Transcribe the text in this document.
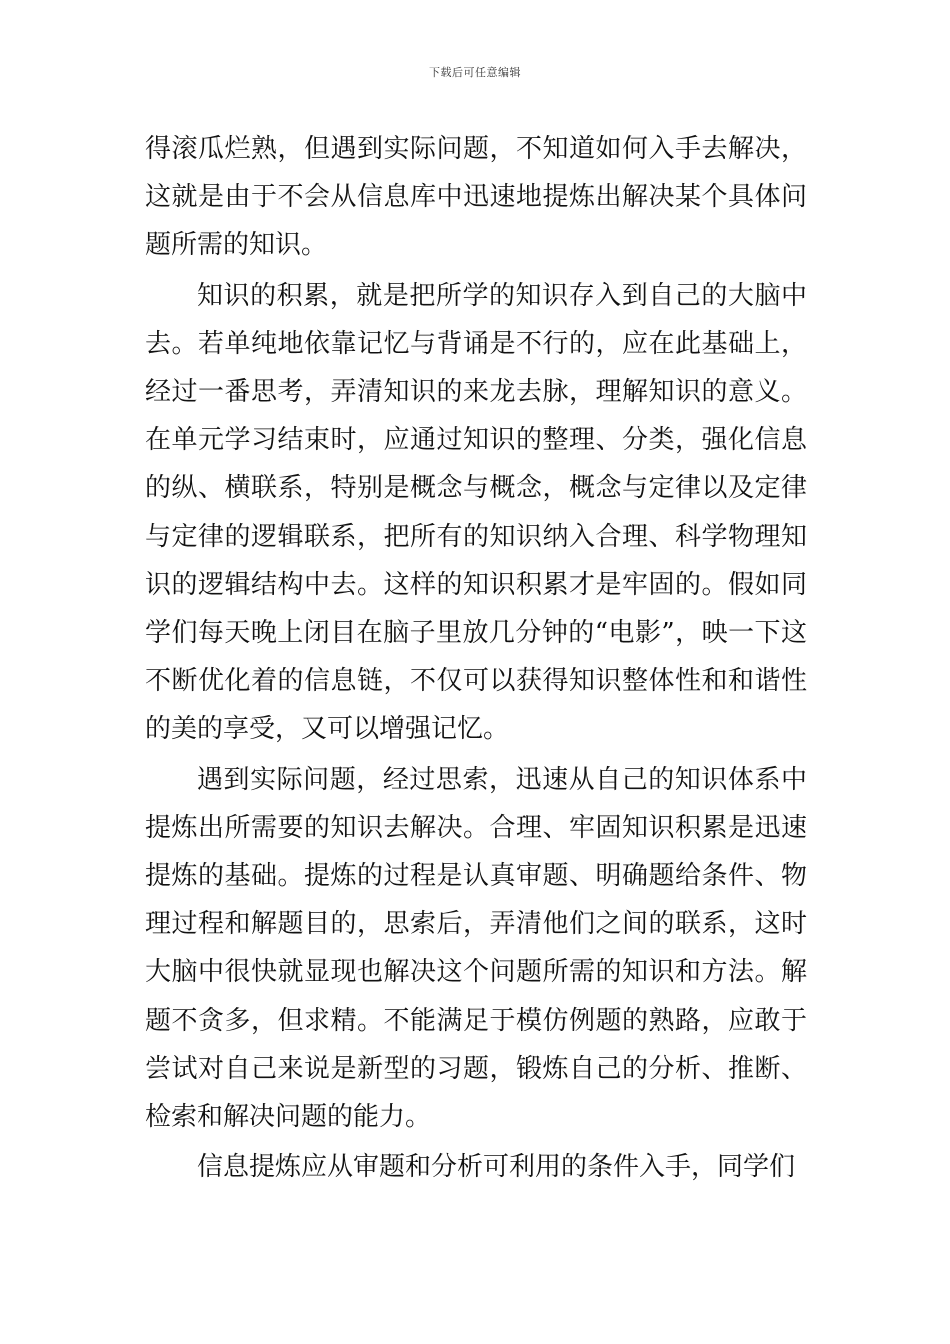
下载后可任意编辑

得滚瓜烂熟，但遇到实际问题，不知道如何入手去解决，这就是由于不会从信息库中迅速地提炼出解决某个具体问题所需的知识。

知识的积累，就是把所学的知识存入到自己的大脑中去。若单纯地依靠记忆与背诵是不行的，应在此基础上，经过一番思考，弄清知识的来龙去脉，理解知识的意义。在单元学习结束时，应通过知识的整理、分类，强化信息的纵、横联系，特别是概念与概念，概念与定律以及定律与定律的逻辑联系，把所有的知识纳入合理、科学物理知识的逻辑结构中去。这样的知识积累才是牢固的。假如同学们每天晚上闭目在脑子里放几分钟的“电影”，映一下这不断优化着的信息链，不仅可以获得知识整体性和和谐性的美的享受，又可以增强记忆。

遇到实际问题，经过思索，迅速从自己的知识体系中提炼出所需要的知识去解决。合理、牢固知识积累是迅速提炼的基础。提炼的过程是认真审题、明确题给条件、物理过程和解题目的，思索后，弄清他们之间的联系，这时大脑中很快就显现也解决这个问题所需的知识和方法。解题不贪多，但求精。不能满足于模仿例题的熟路，应敢于尝试对自己来说是新型的习题，锻炼自己的分析、推断、检索和解决问题的能力。

信息提炼应从审题和分析可利用的条件入手，同学们
